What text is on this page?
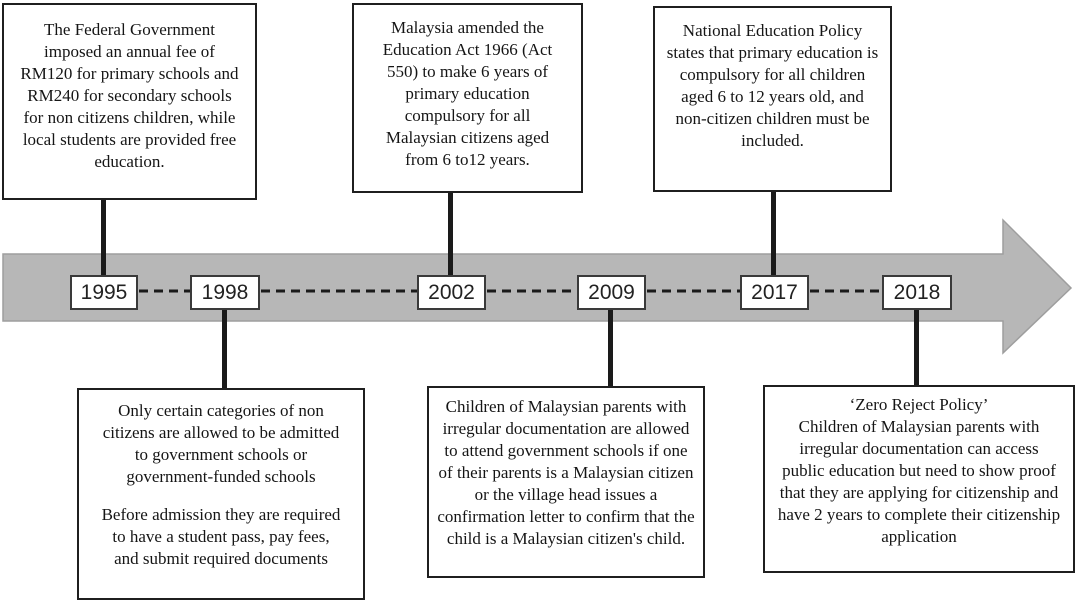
The Federal Government imposed an annual fee of RM120 for primary schools and RM240 for secondary schools for non citizens children, while local students are provided free education.

Malaysia amended the Education Act 1966 (Act 550) to make 6 years of primary education compulsory for all Malaysian citizens aged from 6 to12 years.

National Education Policy states that primary education is compulsory for all children aged 6 to 12 years old, and non-citizen children must be included.

Only certain categories of non citizens are allowed to be admitted to government schools or government-funded schools

Before admission they are required to have a student pass, pay fees, and submit required documents

Children of Malaysian parents with irregular documentation are allowed to attend government schools if one of their parents is a Malaysian citizen or the village head issues a confirmation letter to confirm that the child is a Malaysian citizen's child.

‘Zero Reject Policy’

Children of Malaysian parents with irregular documentation can access public education but need to show proof that they are applying for citizenship and have 2 years to complete their citizenship application

1995	1998	2002	2009	2017	2018
